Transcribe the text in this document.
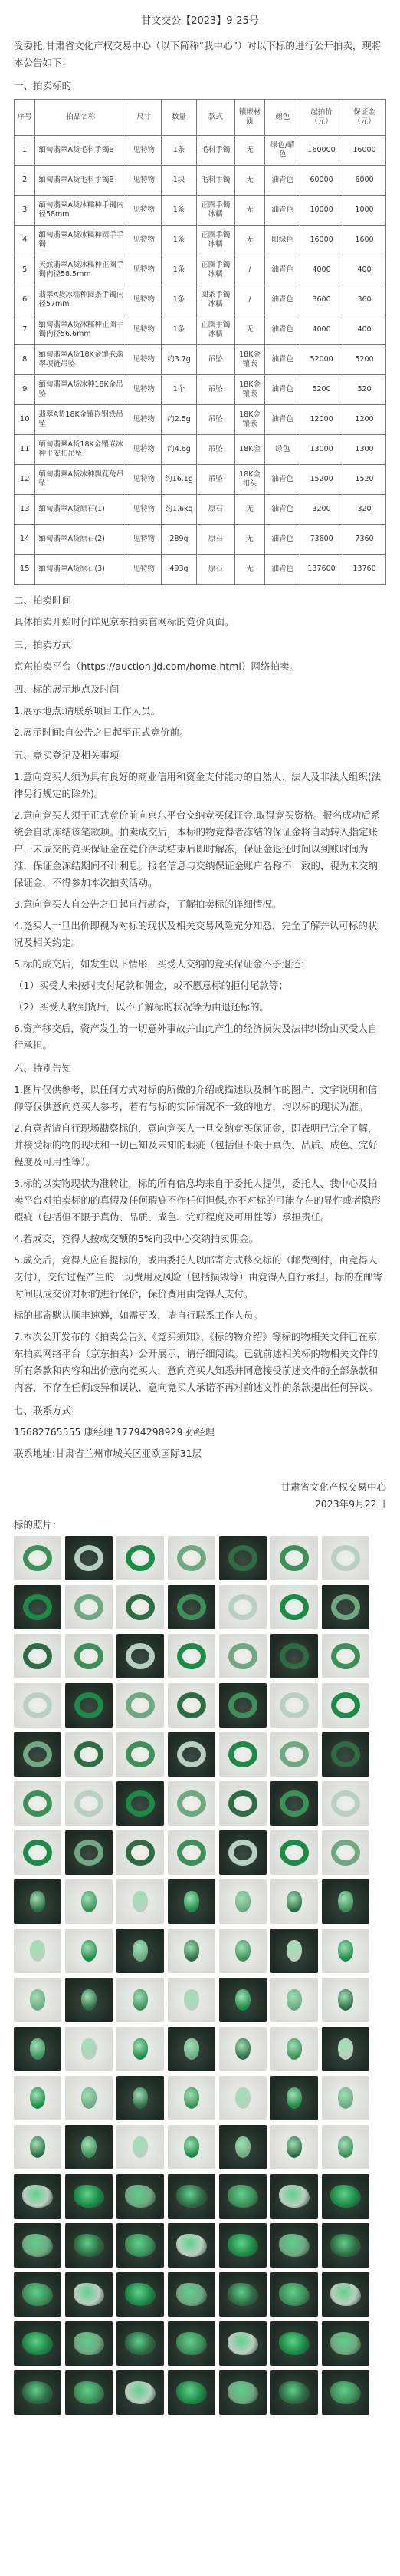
甘文交公【2023】9-25号

受委托,甘肃省文化产权交易中心（以下简称“我中心”）对以下标的进行公开拍卖，现将本公告如下：

一、拍卖标的
序号	拍品名称	尺寸	数量	款式	镶嵌材质	颜色	起拍价（元）	保证金（元）
1	缅甸翡翠A货毛料手镯B	见特物	1条	毛料手镯	无	绿色/晴色	160000	16000
2	缅甸翡翠A货毛料手镯B	见特物	1块	毛料手镯	无	油青色	60000	6000
3	缅甸翡翠A货冰糯种手镯内径58mm	见特物	1条	正圈手镯冰糯	无	油青色	10000	1000
4	缅甸翡翠A货冰糯种圆手手镯	见特物	1条	正圈手镯冰糯	无	阳绿色	16000	1600
5	天然翡翠A货冰糯种正圈手镯内径58.5mm	见特物	1条	正圈手镯冰糯	/	油青色	4000	400
6	翡翠A货冰糯种圆条手镯内径57mm	见特物	1条	圆条手镯冰糯	/	油青色	3600	360
7	缅甸翡翠A货冰糯种正圈手镯内径56.6mm	见特物	1条	正圈手镯冰糯	无	油青色	4000	400
8	缅甸翡翠A货18K金镶嵌翡翠项链吊坠	见特物	约3.7g	吊坠	18K金镶嵌	油青色	52000	5200
9	缅甸翡翠A货冰种18K金吊坠	见特物	1个	吊坠	18K金镶嵌	油青色	5200	520
10	翡翠A货18K金镶嵌钢铁吊坠	见特物	约2.5g	吊坠	18K金镶嵌	油青色	12000	1200
11	缅甸翡翠A货18K金镶嵌冰种平安扣吊坠	见特物	约4.6g	吊坠	18K金	绿色	13000	1300
12	缅甸翡翠A货冰种飘花兔吊坠	见特物	约16.1g	吊坠	18K金扣头	油青色	15200	1520
13	缅甸翡翠A货原石(1)	见特物	约1.6kg	原石	无	油青色	3200	320
14	缅甸翡翠A货原石(2)	见特物	289g	原石	无	油青色	73600	7360
15	缅甸翡翠A货原石(3)	见特物	493g	原石	无	油青色	137600	13760
二、拍卖时间

具体拍卖开始时间详见京东拍卖官网标的竞价页面。

三、拍卖方式

京东拍卖平台（https://auction.jd.com/home.html）网络拍卖。

四、标的展示地点及时间

1.展示地点:请联系项目工作人员。

2.展示时间:自公告之日起至正式竞价前。

五、竞买登记及相关事项

1.意向竞买人须为具有良好的商业信用和资金支付能力的自然人、法人及非法人组织(法律另行规定的除外)。

2.意向竞买人须于正式竞价前向京东平台交纳竞买保证金,取得竞买资格。报名成功后系统会自动冻结该笔款项。拍卖成交后，本标的物竞得者冻结的保证金将自动转入指定账户，未成交的竞买保证金在竞价活动结束后即时解冻，保证金退还时间以到账时间为准，保证金冻结期间不计利息。报名信息与交纳保证金账户名称不一致的，视为未交纳保证金，不得参加本次拍卖活动。

3.意向竞买人自公告之日起自行勘查，了解拍卖标的详细情况。

4.竞买人一旦出价即视为对标的现状及相关交易风险充分知悉，完全了解并认可标的状况及相关约定。

5.标的成交后，如发生以下情形，买受人交纳的竞买保证金不予退还：

（1）买受人未按时支付尾款和佣金，或不愿意标的拒付尾款等；

（2）买受人收到货后，以不了解标的状况等为由退还标的。

6.资产移交后，资产发生的一切意外事故并由此产生的经济损失及法律纠纷由买受人自行承担。

六、特别告知

1.图片仅供参考，以任何方式对标的所做的介绍或描述以及制作的图片、文字说明和信仰等仅供意向竞买人参考，若有与标的实际情况不一致的地方，均以标的现状为准。

2.有意者请自行现场勘察标的，意向竞买人一旦交纳竞买保证金，即表明已完全了解，并接受标的物的现状和一切已知及未知的瑕疵（包括但不限于真伪、品质、成色、完好程度及可用性等）。

3.标的以实物现状为准转让，标的所有信息均来自于委托人提供，委托人、我中心及拍卖平台对拍卖标的的真假及任何瑕疵不作任何担保,亦不对标的可能存在的显性或者隐形瑕疵（包括但不限于真伪、品质、成色、完好程度及可用性等）承担责任。

4.若成交，竞得人按成交额的5%向我中心交纳拍卖佣金。

5.成交后，竞得人应自提标的，或由委托人以邮寄方式移交标的（邮费到付，由竞得人支付），交付过程产生的一切费用及风险（包括损毁等）由竞得人自行承担。标的在邮寄时间以成交价对标的进行保价，保价费用由竞得人支付。

标的邮寄默认顺丰速递，如需更改，请自行联系工作人员。

7.本次公开发布的《拍卖公告》、《竞买须知》、《标的物介绍》等标的物相关文件已在京东拍卖网络平台（京东拍卖）公开展示，请仔细阅读。已就前述相关标的物相关文件的所有条款和内容和出价意向竞买人，意向竞买人知悉并同意接受前述文件的全部条款和内容，不存在任何歧异和误认，意向竞买人承诺不再对前述文件的条款提出任何异议。

七、联系方式

15682765555 康经理 17794298929 孙经理

联系地址:甘肃省兰州市城关区亚欧国际31层

甘肃省文化产权交易中心
2023年9月22日
标的照片：
